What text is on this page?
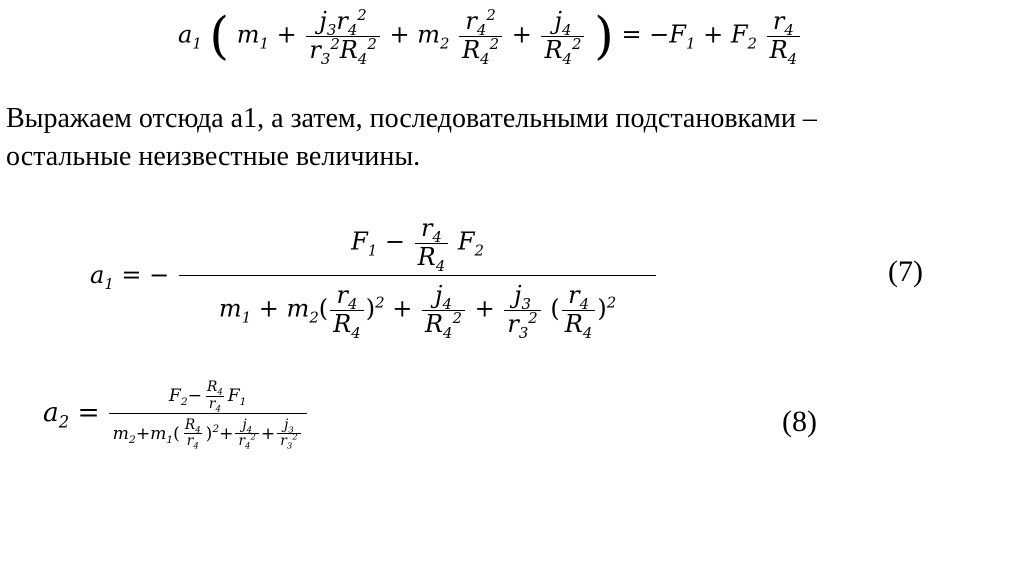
$a_1$ ( $m_1 + \frac{j_3r_4^2}{r_3^2R_4^2} + m_2 \frac{r_4^2}{R_4^2} + \frac{j_4}{R_4^2}$ ) = $-F_1 + F_2 \frac{r_4}{R_4}$
Выражаем отсюда а1, а затем, последовательными подстановками –
остальные неизвестные величины.
$a_1$ = −
$F_1 - \frac{r_4}{R_4} F_2$
$m_1 + m_2( \frac{r_4}{R_4} )^2 + \frac{j_4}{R_4^2} + \frac{j_3}{r_3^2}$ ( $\frac{r_4}{R_4} )^2$
(7)
$a_2 = \frac{F_2- \frac{R_4}{r_4} F_1}{m_2+m_1( \frac{R_4}{r_4} )^2+ \frac{j_4}{r_4^2} + \frac{j_3}{r_3^2}}$	(8)
